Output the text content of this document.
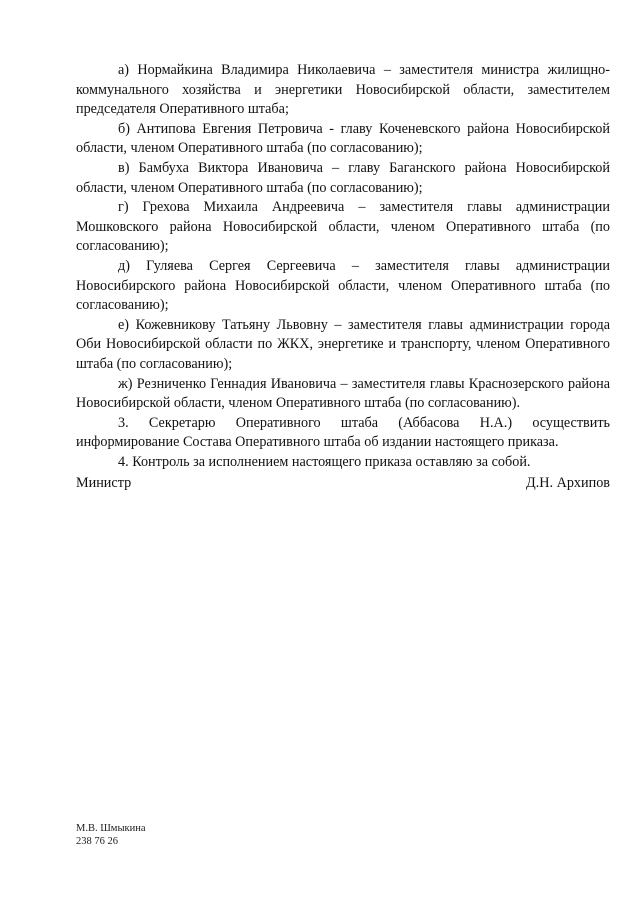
а) Нормайкина Владимира Николаевича – заместителя министра жилищно-коммунального хозяйства и энергетики Новосибирской области, заместителем председателя Оперативного штаба;

б) Антипова Евгения Петровича - главу Коченевского района Новосибирской области, членом Оперативного штаба (по согласованию);

в) Бамбуха Виктора Ивановича – главу Баганского района Новосибирской области, членом Оперативного штаба (по согласованию);

г) Грехова Михаила Андреевича – заместителя главы администрации Мошковского района Новосибирской области, членом Оперативного штаба (по согласованию);

д) Гуляева Сергея Сергеевича – заместителя главы администрации Новосибирского района Новосибирской области, членом Оперативного штаба (по согласованию);

е) Кожевникову Татьяну Львовну – заместителя главы администрации города Оби Новосибирской области по ЖКХ, энергетике и транспорту, членом Оперативного штаба (по согласованию);

ж) Резниченко Геннадия Ивановича – заместителя главы Краснозерского района Новосибирской области, членом Оперативного штаба (по согласованию).

3. Секретарю Оперативного штаба (Аббасова Н.А.) осуществить информирование Состава Оперативного штаба об издании настоящего приказа.

4. Контроль за исполнением настоящего приказа оставляю за собой.

Министр	Д.Н. Архипов
М.В. Шмыкина
238 76 26
